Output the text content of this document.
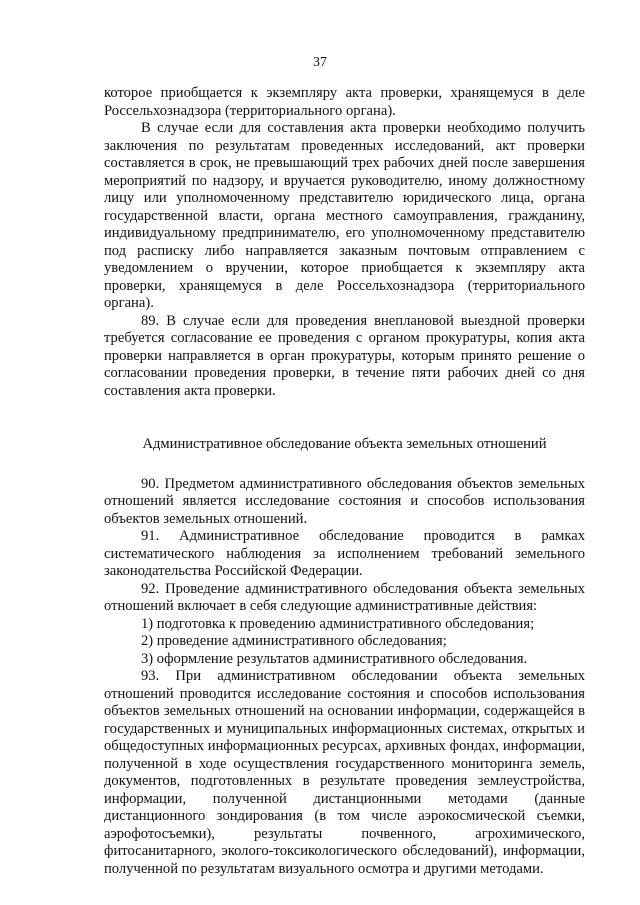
37

которое приобщается к экземпляру акта проверки, хранящемуся в деле Россельхознадзора (территориального органа).

В случае если для составления акта проверки необходимо получить заключения по результатам проведенных исследований, акт проверки составляется в срок, не превышающий трех рабочих дней после завершения мероприятий по надзору, и вручается руководителю, иному должностному лицу или уполномоченному представителю юридического лица, органа государственной власти, органа местного самоуправления, гражданину, индивидуальному предпринимателю, его уполномоченному представителю под расписку либо направляется заказным почтовым отправлением с уведомлением о вручении, которое приобщается к экземпляру акта проверки, хранящемуся в деле Россельхознадзора (территориального органа).

89. В случае если для проведения внеплановой выездной проверки требуется согласование ее проведения с органом прокуратуры, копия акта проверки направляется в орган прокуратуры, которым принято решение о согласовании проведения проверки, в течение пяти рабочих дней со дня составления акта проверки.

Административное обследование объекта земельных отношений

90. Предметом административного обследования объектов земельных отношений является исследование состояния и способов использования объектов земельных отношений.

91. Административное обследование проводится в рамках систематического наблюдения за исполнением требований земельного законодательства Российской Федерации.

92. Проведение административного обследования объекта земельных отношений включает в себя следующие административные действия:

1) подготовка к проведению административного обследования;

2) проведение административного обследования;

3) оформление результатов административного обследования.

93. При административном обследовании объекта земельных отношений проводится исследование состояния и способов использования объектов земельных отношений на основании информации, содержащейся в государственных и муниципальных информационных системах, открытых и общедоступных информационных ресурсах, архивных фондах, информации, полученной в ходе осуществления государственного мониторинга земель, документов, подготовленных в результате проведения землеустройства, информации, полученной дистанционными методами (данные дистанционного зондирования (в том числе аэрокосмической съемки, аэрофотосъемки), результаты почвенного, агрохимического, фитосанитарного, эколого-токсикологического обследований), информации, полученной по результатам визуального осмотра и другими методами.
